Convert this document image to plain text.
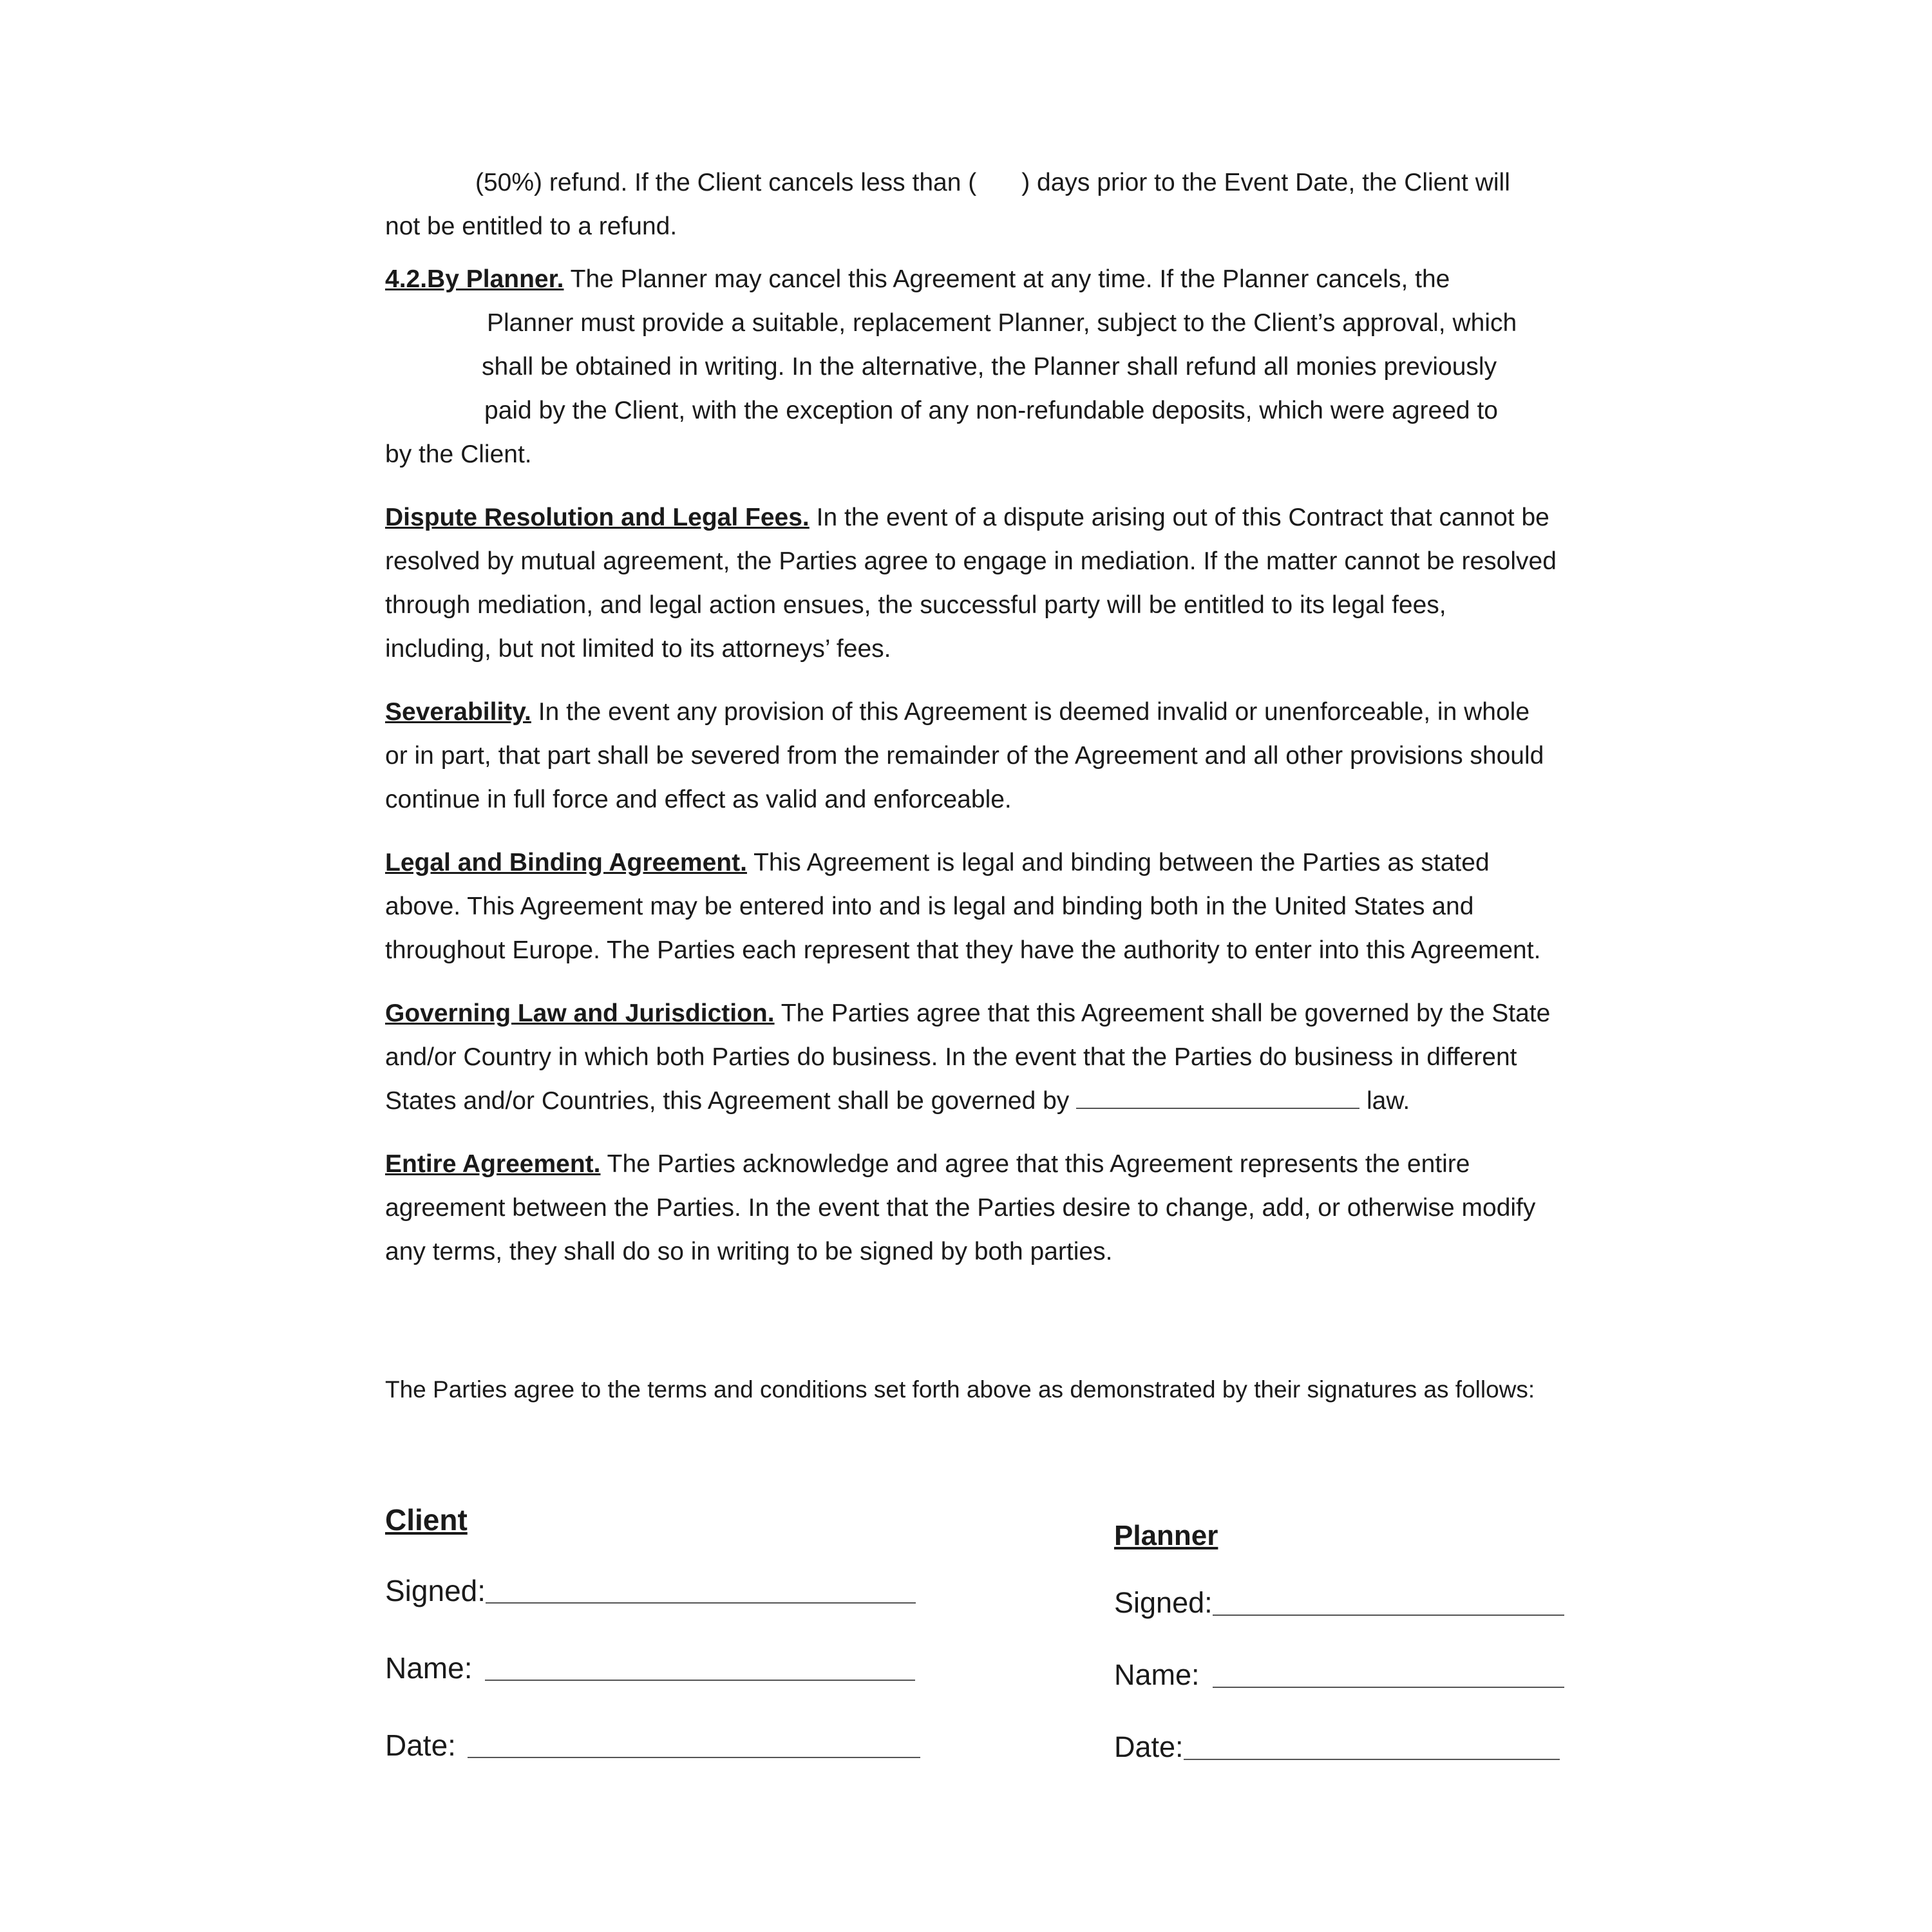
(50%) refund. If the Client cancels less than ( ) days prior to the Event Date, the Client will
not be entitled to a refund.

4.2.By Planner. The Planner may cancel this Agreement at any time. If the Planner cancels, the
Planner must provide a suitable, replacement Planner, subject to the Client’s approval, which
shall be obtained in writing. In the alternative, the Planner shall refund all monies previously
paid by the Client, with the exception of any non-refundable deposits, which were agreed to
by the Client.

Dispute Resolution and Legal Fees. In the event of a dispute arising out of this Contract that cannot be resolved by mutual agreement, the Parties agree to engage in mediation. If the matter cannot be resolved through mediation, and legal action ensues, the successful party will be entitled to its legal fees, including, but not limited to its attorneys’ fees.

Severability. In the event any provision of this Agreement is deemed invalid or unenforceable, in whole or in part, that part shall be severed from the remainder of the Agreement and all other provisions should continue in full force and effect as valid and enforceable.

Legal and Binding Agreement. This Agreement is legal and binding between the Parties as stated above. This Agreement may be entered into and is legal and binding both in the United States and throughout Europe. The Parties each represent that they have the authority to enter into this Agreement.

Governing Law and Jurisdiction. The Parties agree that this Agreement shall be governed by the State and/or Country in which both Parties do business. In the event that the Parties do business in different States and/or Countries, this Agreement shall be governed by	law.

Entire Agreement. The Parties acknowledge and agree that this Agreement represents the entire agreement between the Parties. In the event that the Parties desire to change, add, or otherwise modify any terms, they shall do so in writing to be signed by both parties.

The Parties agree to the terms and conditions set forth above as demonstrated by their signatures as follows:

Client

Signed:
Name:
Date:

Planner

Signed:
Name:
Date:
